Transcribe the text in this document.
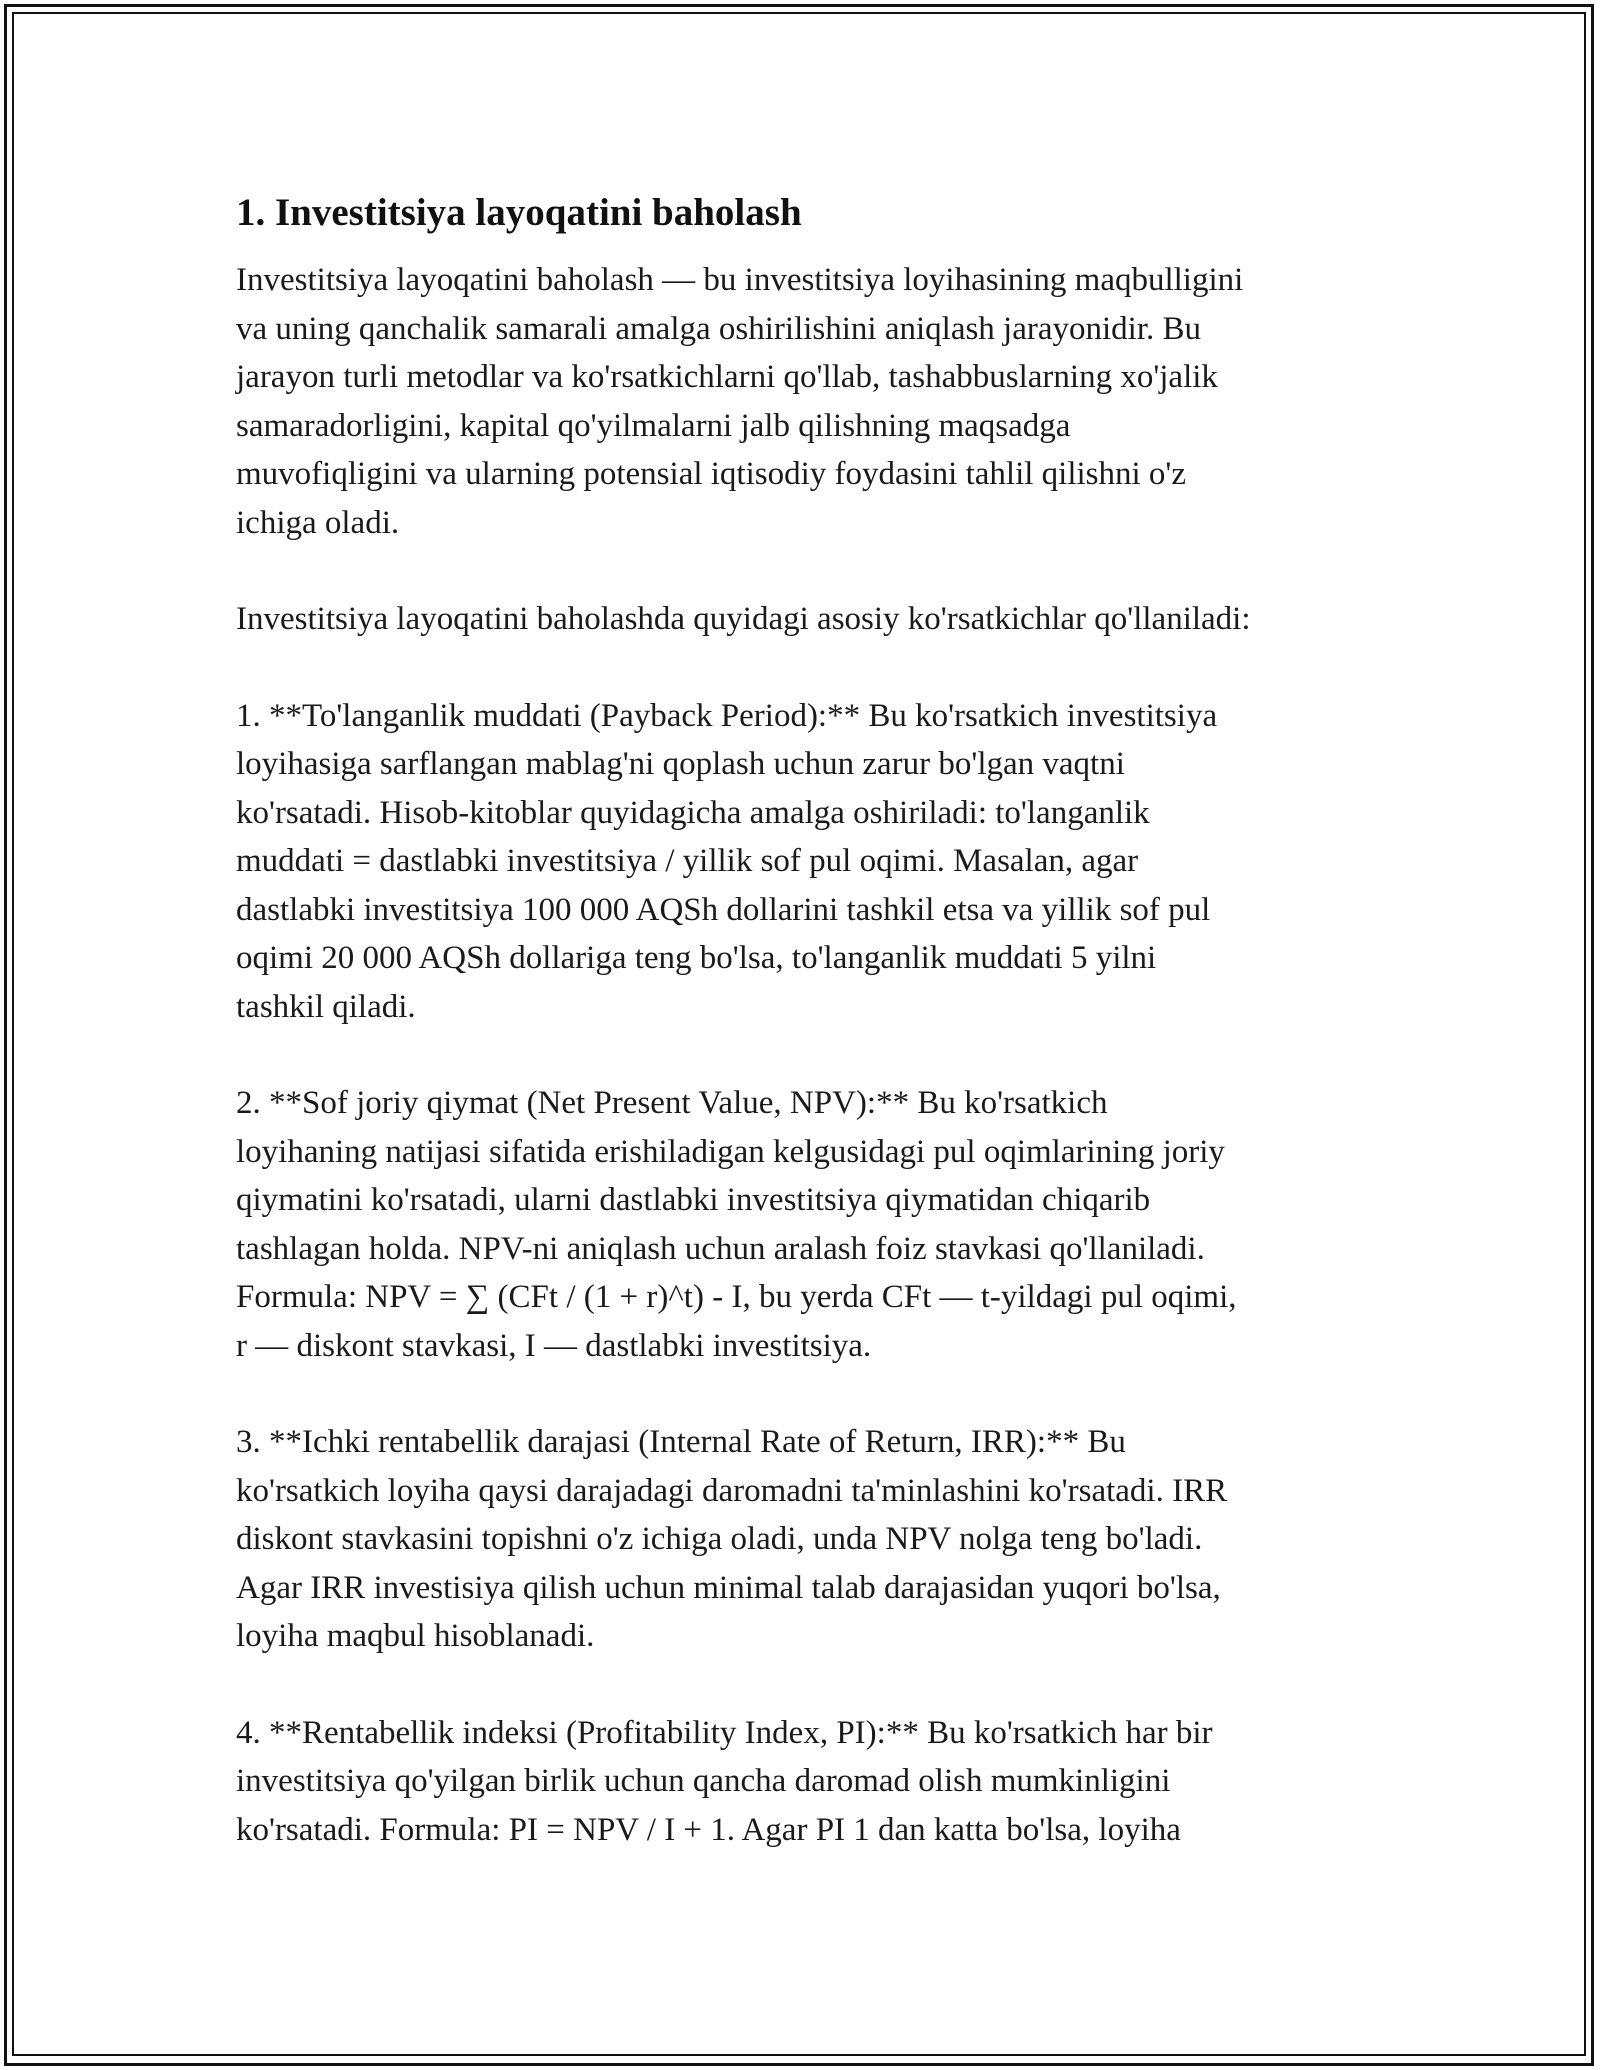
1. Investitsiya layoqatini baholash

Investitsiya layoqatini baholash — bu investitsiya loyihasining maqbulligini
va uning qanchalik samarali amalga oshirilishini aniqlash jarayonidir. Bu
jarayon turli metodlar va ko'rsatkichlarni qo'llab, tashabbuslarning xo'jalik
samaradorligini, kapital qo'yilmalarni jalb qilishning maqsadga
muvofiqligini va ularning potensial iqtisodiy foydasini tahlil qilishni o'z
ichiga oladi.

Investitsiya layoqatini baholashda quyidagi asosiy ko'rsatkichlar qo'llaniladi:

1. **To'langanlik muddati (Payback Period):** Bu ko'rsatkich investitsiya
loyihasiga sarflangan mablag'ni qoplash uchun zarur bo'lgan vaqtni
ko'rsatadi. Hisob-kitoblar quyidagicha amalga oshiriladi: to'langanlik
muddati = dastlabki investitsiya / yillik sof pul oqimi. Masalan, agar
dastlabki investitsiya 100 000 AQSh dollarini tashkil etsa va yillik sof pul
oqimi 20 000 AQSh dollariga teng bo'lsa, to'langanlik muddati 5 yilni
tashkil qiladi.

2. **Sof joriy qiymat (Net Present Value, NPV):** Bu ko'rsatkich
loyihaning natijasi sifatida erishiladigan kelgusidagi pul oqimlarining joriy
qiymatini ko'rsatadi, ularni dastlabki investitsiya qiymatidan chiqarib
tashlagan holda. NPV-ni aniqlash uchun aralash foiz stavkasi qo'llaniladi.
Formula: NPV = ∑ (CFt / (1 + r)^t) - I, bu yerda CFt — t-yildagi pul oqimi,
r — diskont stavkasi, I — dastlabki investitsiya.

3. **Ichki rentabellik darajasi (Internal Rate of Return, IRR):** Bu
ko'rsatkich loyiha qaysi darajadagi daromadni ta'minlashini ko'rsatadi. IRR
diskont stavkasini topishni o'z ichiga oladi, unda NPV nolga teng bo'ladi.
Agar IRR investisiya qilish uchun minimal talab darajasidan yuqori bo'lsa,
loyiha maqbul hisoblanadi.

4. **Rentabellik indeksi (Profitability Index, PI):** Bu ko'rsatkich har bir
investitsiya qo'yilgan birlik uchun qancha daromad olish mumkinligini
ko'rsatadi. Formula: PI = NPV / I + 1. Agar PI 1 dan katta bo'lsa, loyiha
